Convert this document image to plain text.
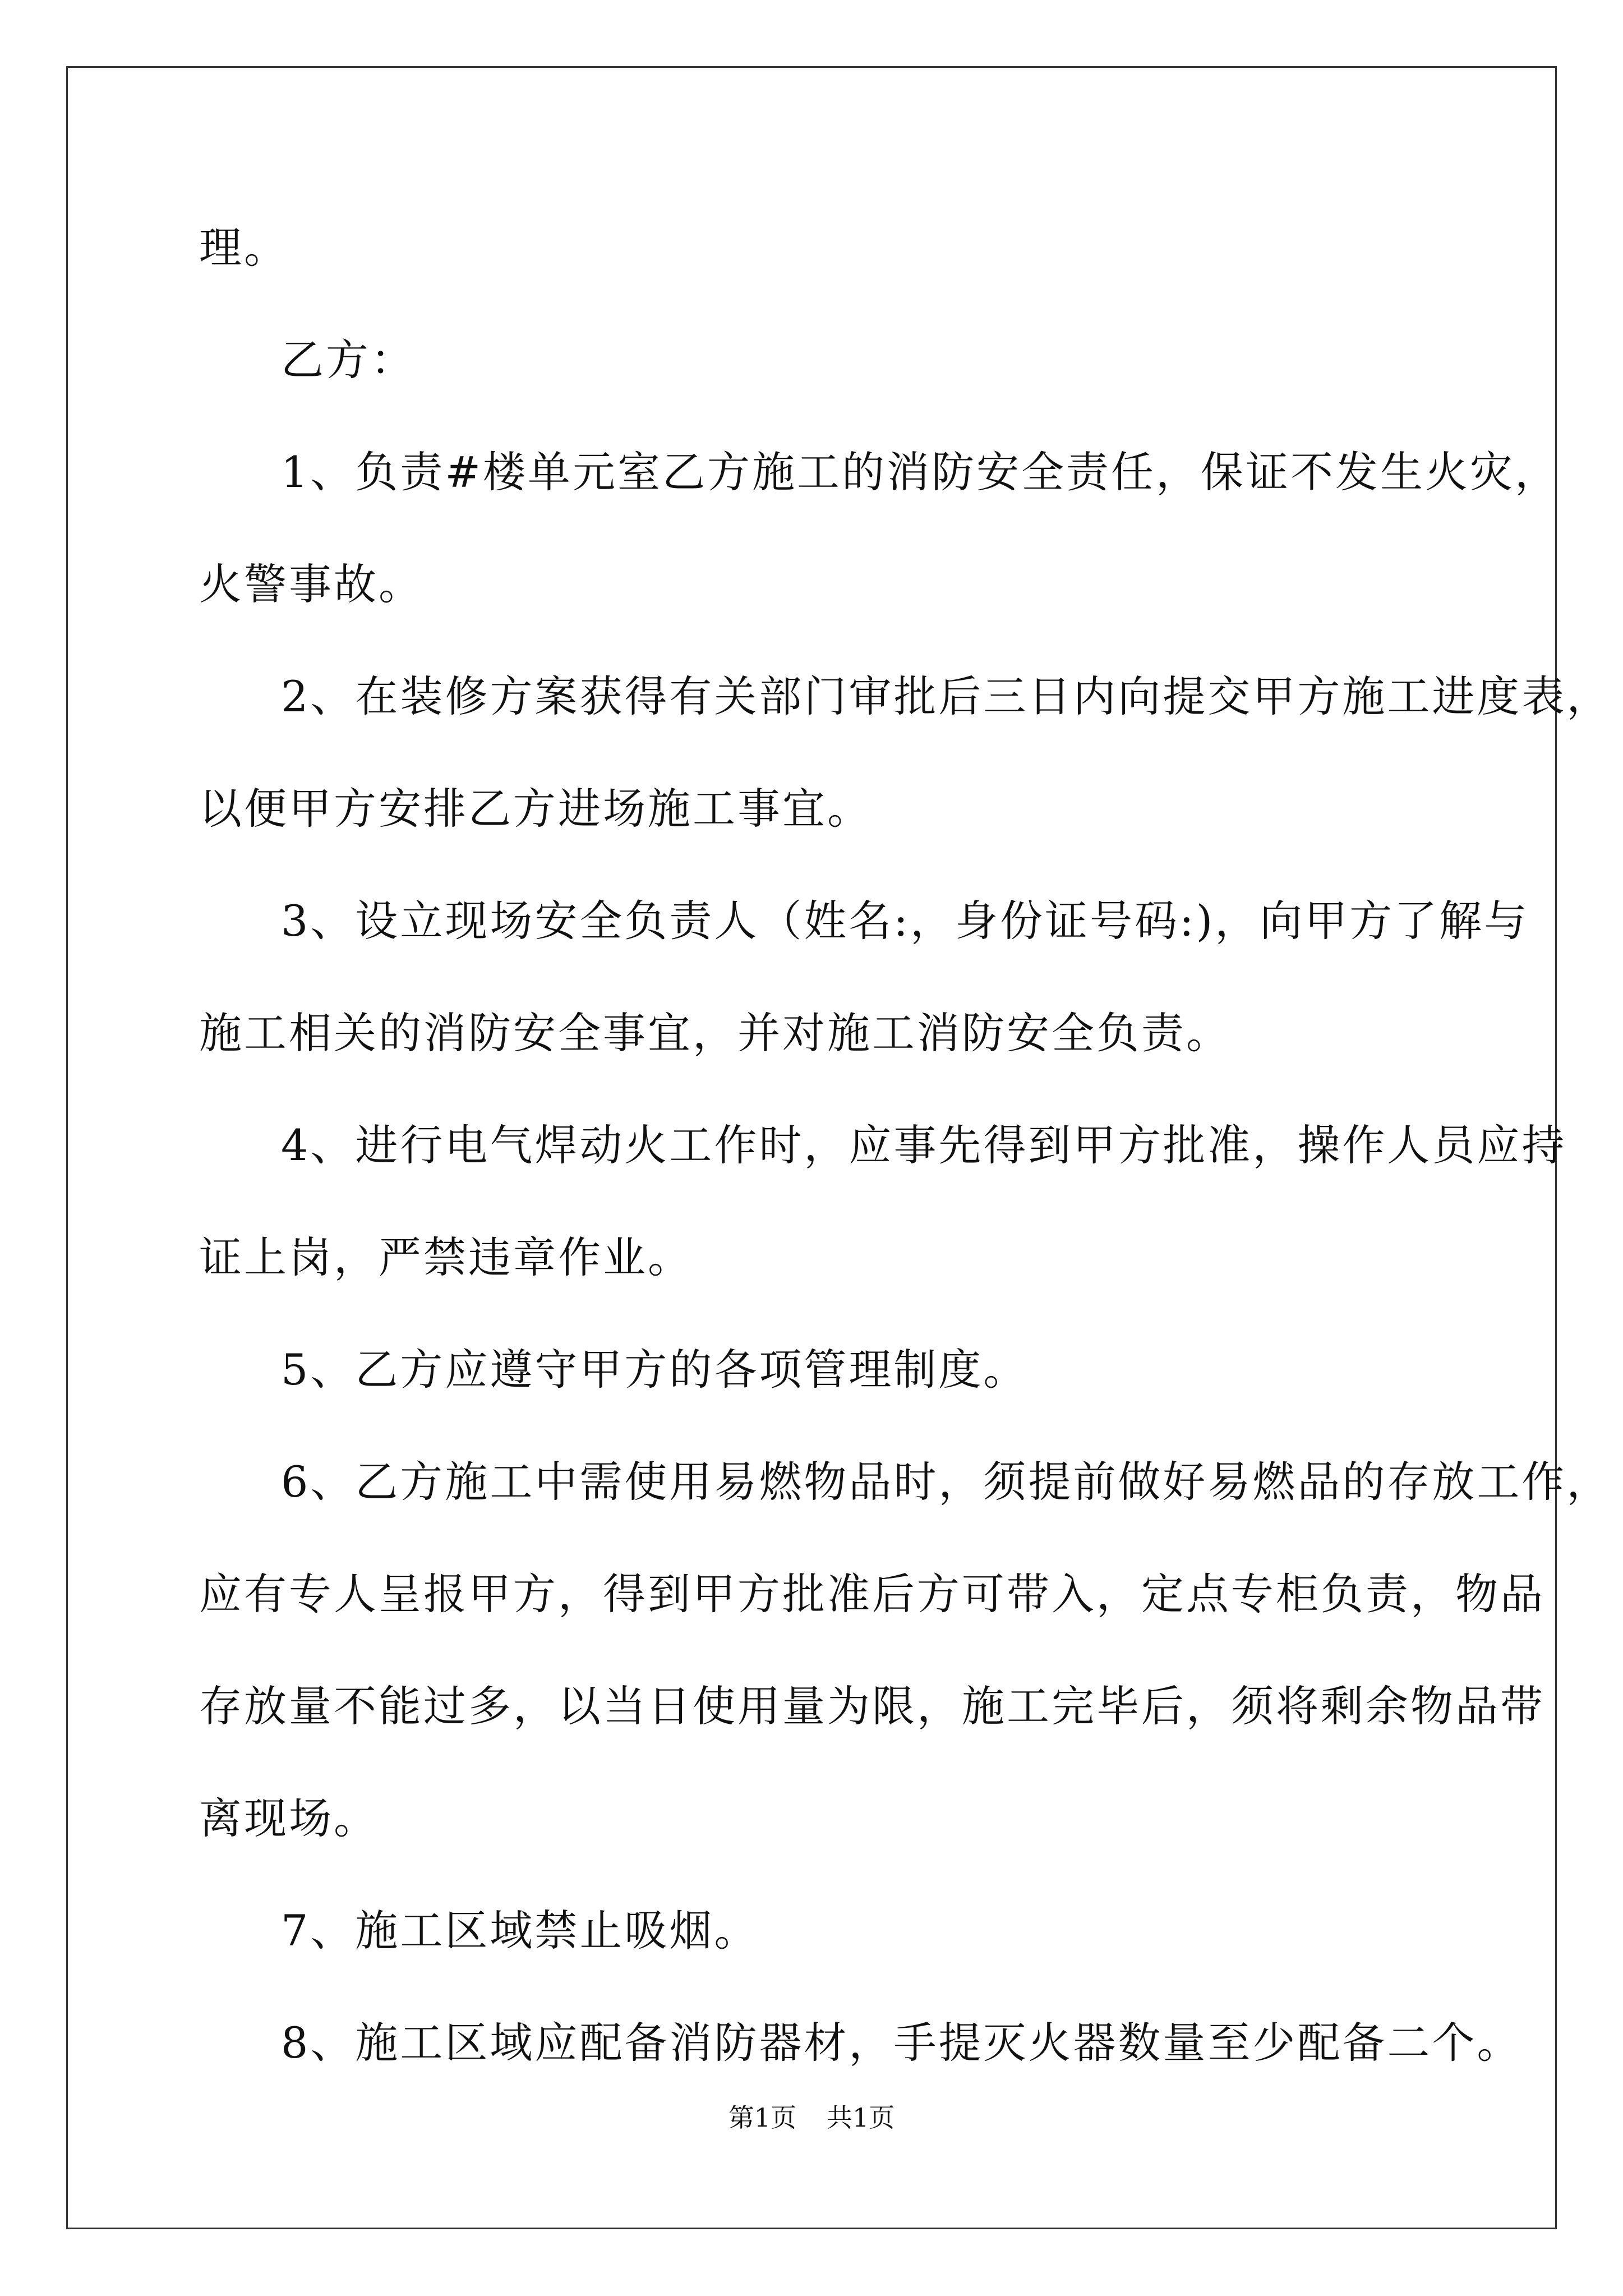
理。
乙方：
1、负责#楼单元室乙方施工的消防安全责任，保证不发生火灾，
火警事故。
2、在装修方案获得有关部门审批后三日内向提交甲方施工进度表，
以便甲方安排乙方进场施工事宜。
3、设立现场安全负责人（姓名:，身份证号码:)，向甲方了解与
施工相关的消防安全事宜，并对施工消防安全负责。
4、进行电气焊动火工作时，应事先得到甲方批准，操作人员应持
证上岗，严禁违章作业。
5、乙方应遵守甲方的各项管理制度。
6、乙方施工中需使用易燃物品时，须提前做好易燃品的存放工作，
应有专人呈报甲方，得到甲方批准后方可带入，定点专柜负责，物品
存放量不能过多，以当日使用量为限，施工完毕后，须将剩余物品带
离现场。
7、施工区域禁止吸烟。
8、施工区域应配备消防器材，手提灭火器数量至少配备二个。
第1页 共1页
